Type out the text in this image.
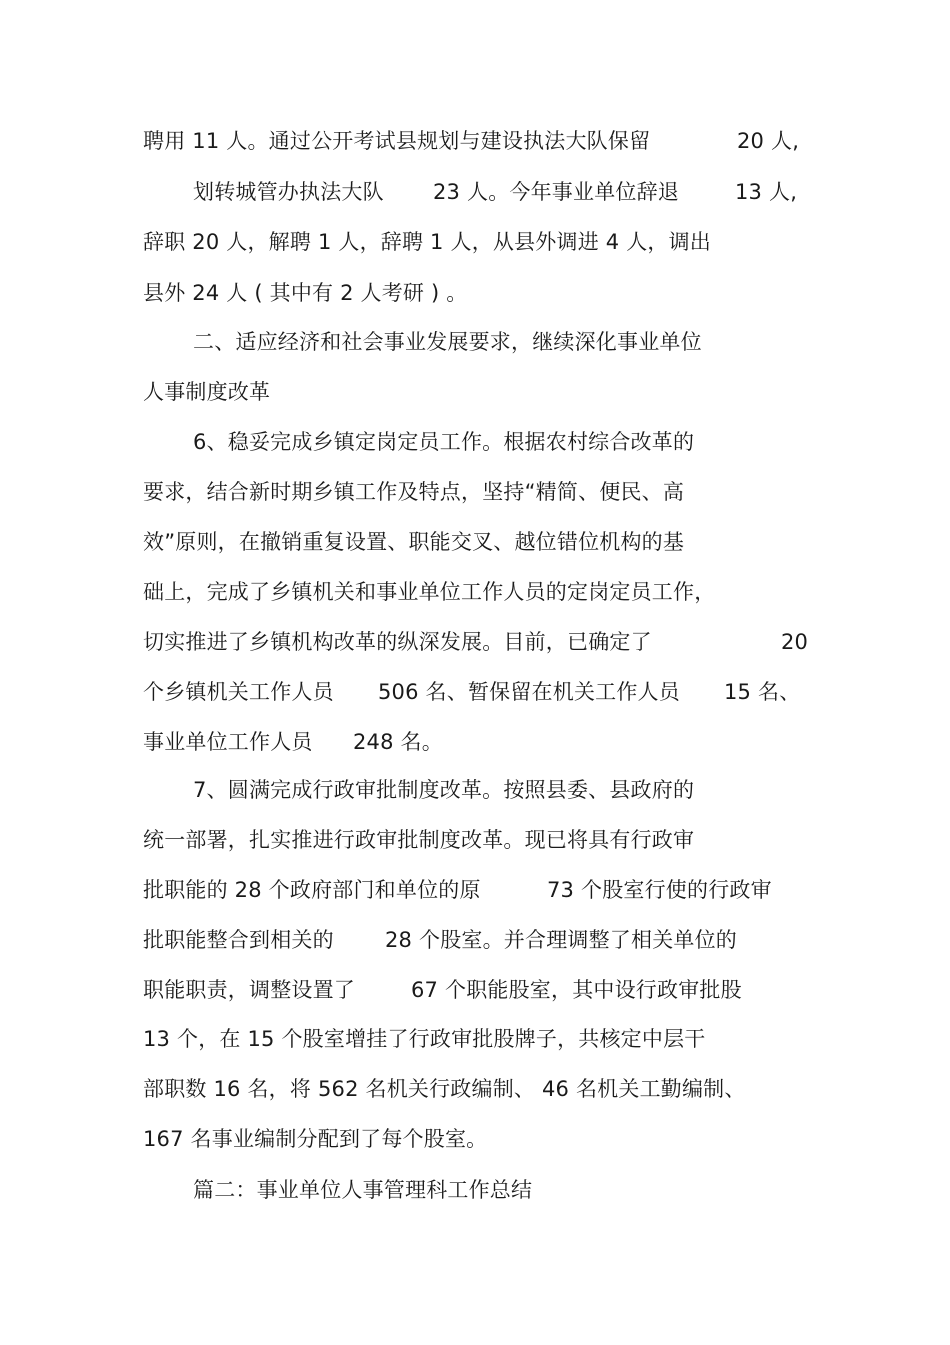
聘用 11 人。通过公开考试县规划与建设执法大队保留

	20 人,

划转城管办执法大队

23 人。今年事业单位辞退

	13 人,

辞职 20 人，解聘 1 人，辞聘 1 人，从县外调进 4 人，调出

县外 24 人 ( 其中有 2 人考研 ) 。

二、适应经济和社会事业发展要求，继续深化事业单位

人事制度改革

6、稳妥完成乡镇定岗定员工作。根据农村综合改革的

要求，结合新时期乡镇工作及特点，坚持“精简、便民、高

效”原则，在撤销重复设置、职能交叉、越位错位机构的基

础上，完成了乡镇机关和事业单位工作人员的定岗定员工作，

切实推进了乡镇机构改革的纵深发展。目前，已确定了

	20

个乡镇机关工作人员

506 名、暂保留在机关工作人员

15 名、

事业单位工作人员

248 名。

7、圆满完成行政审批制度改革。按照县委、县政府的

统一部署，扎实推进行政审批制度改革。现已将具有行政审

批职能的 28 个政府部门和单位的原

	73 个股室行使的行政审

批职能整合到相关的

28 个股室。并合理调整了相关单位的

职能职责，调整设置了

	67 个职能股室，其中设行政审批股

13 个，在 15 个股室增挂了行政审批股牌子，共核定中层干

部职数 16 名，将 562 名机关行政编制、 46 名机关工勤编制、

167 名事业编制分配到了每个股室。

篇二：事业单位人事管理科工作总结
